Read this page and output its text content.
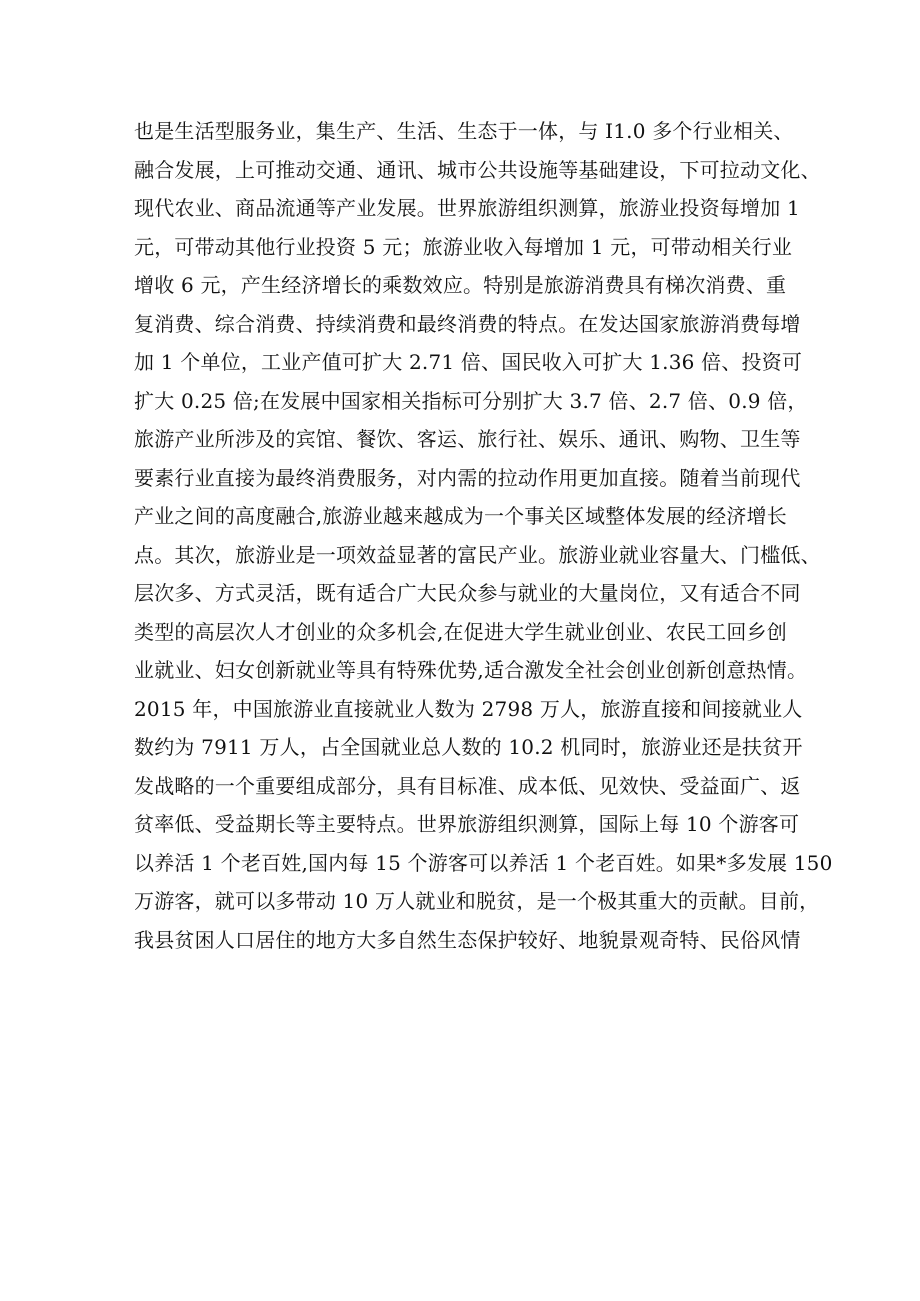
也是生活型服务业，集生产、生活、生态于一体，与 I1.0 多个行业相关、
融合发展，上可推动交通、通讯、城市公共设施等基础建设，下可拉动文化、
现代农业、商品流通等产业发展。世界旅游组织测算，旅游业投资每增加 1
元，可带动其他行业投资 5 元；旅游业收入每增加 1 元，可带动相关行业
增收 6 元，产生经济增长的乘数效应。特别是旅游消费具有梯次消费、重
复消费、综合消费、持续消费和最终消费的特点。在发达国家旅游消费每增
加 1 个单位，工业产值可扩大 2.71 倍、国民收入可扩大 1.36 倍、投资可
扩大 0.25 倍;在发展中国家相关指标可分别扩大 3.7 倍、2.7 倍、0.9 倍，
旅游产业所涉及的宾馆、餐饮、客运、旅行社、娱乐、通讯、购物、卫生等
要素行业直接为最终消费服务，对内需的拉动作用更加直接。随着当前现代
产业之间的高度融合,旅游业越来越成为一个事关区域整体发展的经济增长
点。其次，旅游业是一项效益显著的富民产业。旅游业就业容量大、门槛低、
层次多、方式灵活，既有适合广大民众参与就业的大量岗位，又有适合不同
类型的高层次人才创业的众多机会,在促进大学生就业创业、农民工回乡创
业就业、妇女创新就业等具有特殊优势,适合激发全社会创业创新创意热情。
2015 年，中国旅游业直接就业人数为 2798 万人，旅游直接和间接就业人
数约为 7911 万人，占全国就业总人数的 10.2 机同时，旅游业还是扶贫开
发战略的一个重要组成部分，具有目标准、成本低、见效快、受益面广、返
贫率低、受益期长等主要特点。世界旅游组织测算，国际上每 10 个游客可
以养活 1 个老百姓,国内每 15 个游客可以养活 1 个老百姓。如果*多发展 150
万游客，就可以多带动 10 万人就业和脱贫，是一个极其重大的贡献。目前，
我县贫困人口居住的地方大多自然生态保护较好、地貌景观奇特、民俗风情
